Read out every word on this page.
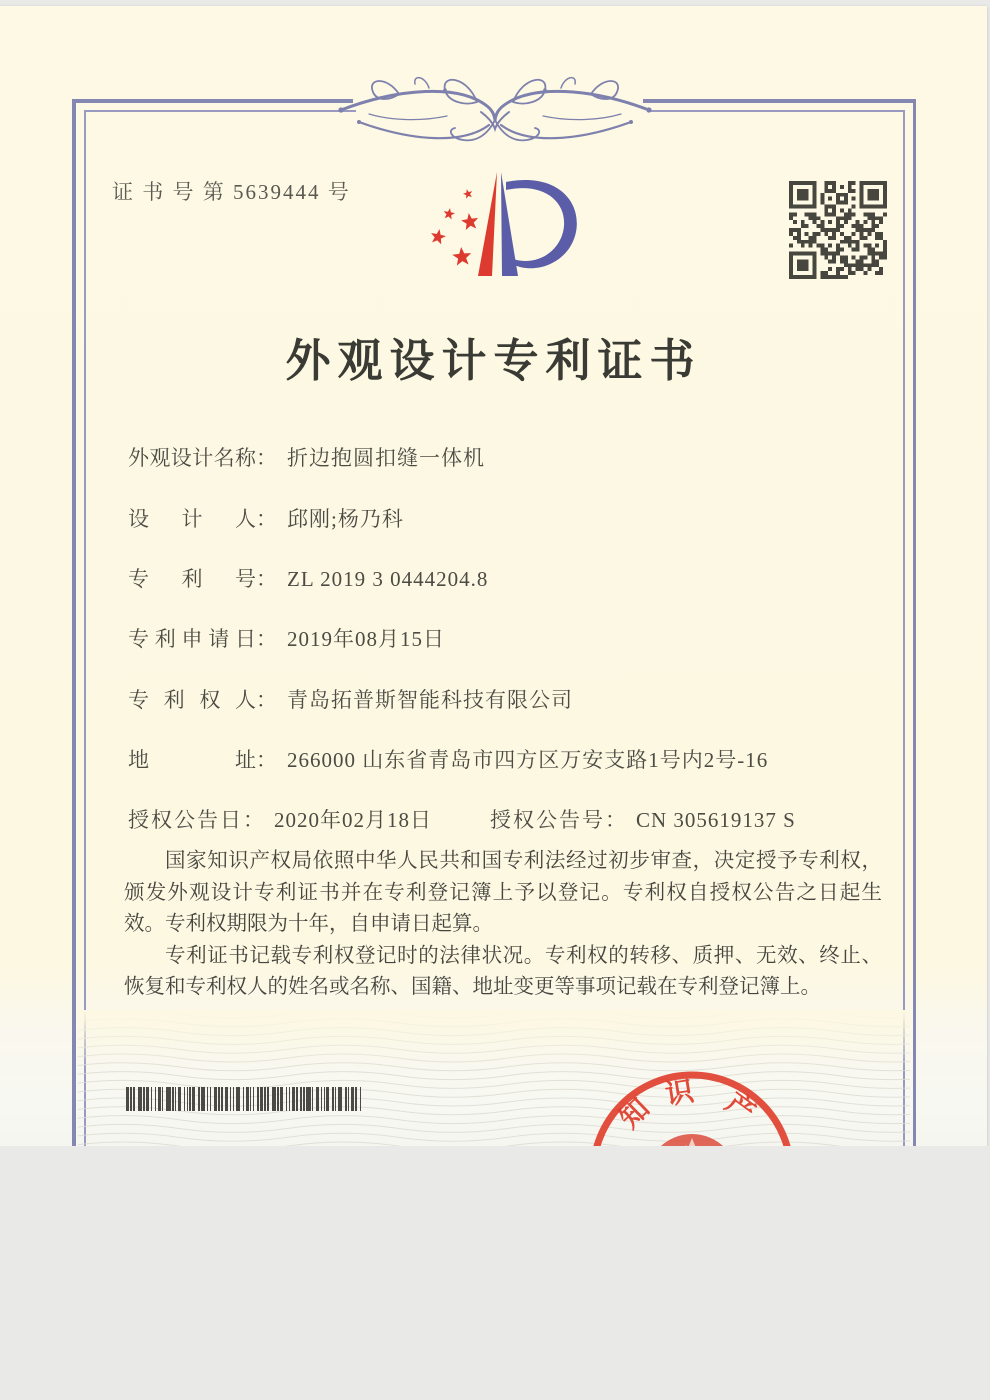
证 书 号 第 5639444 号
外观设计专利证书
外观设计名称： 折边抱圆扣缝一体机
设计人： 邱刚;杨乃科
专利号： ZL 2019 3 0444204.8
专利申请日： 2019年08月15日
专利权人： 青岛拓普斯智能科技有限公司
地址： 266000 山东省青岛市四方区万安支路1号内2号-16
授权公告日： 2020年02月18日	授权公告号： CN 305619137 S

国家知识产权局依照中华人民共和国专利法经过初步审查，决定授予专利权，颁发外观设计专利证书并在专利登记簿上予以登记。专利权自授权公告之日起生效。专利权期限为十年，自申请日起算。

专利证书记载专利权登记时的法律状况。专利权的转移、质押、无效、终止、恢复和专利权人的姓名或名称、国籍、地址变更等事项记载在专利登记簿上。

知 识 产
